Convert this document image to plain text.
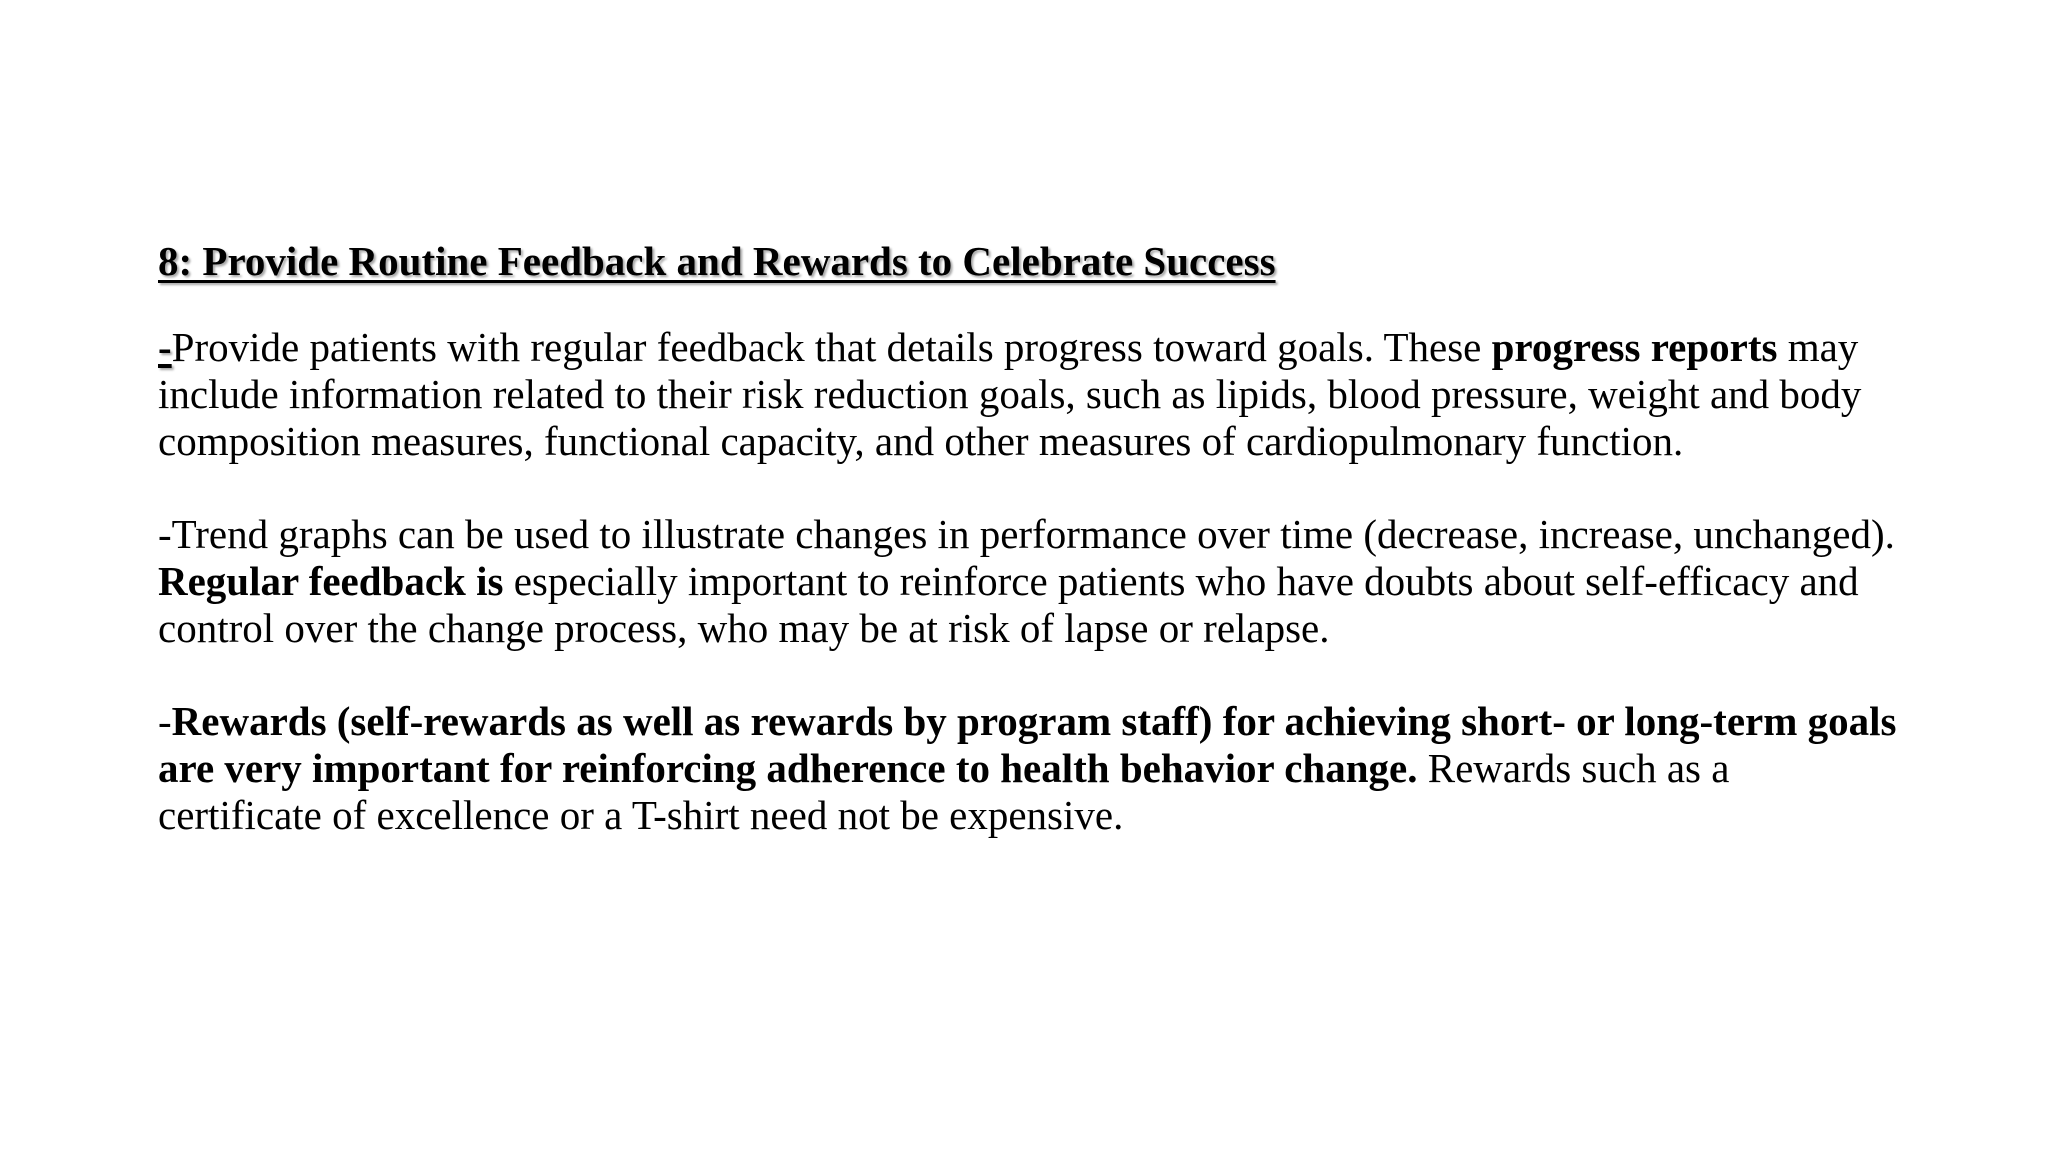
8: Provide Routine Feedback and Rewards to Celebrate Success

-Provide patients with regular feedback that details progress toward goals. These progress reports may include information related to their risk reduction goals, such as lipids, blood pressure, weight and body composition measures, functional capacity, and other measures of cardiopulmonary function.

-Trend graphs can be used to illustrate changes in performance over time (decrease, increase, unchanged). Regular feedback is especially important to reinforce patients who have doubts about self-efficacy and control over the change process, who may be at risk of lapse or relapse.

-Rewards (self-rewards as well as rewards by program staff) for achieving short- or long-term goals are very important for reinforcing adherence to health behavior change. Rewards such as a certificate of excellence or a T-shirt need not be expensive.
